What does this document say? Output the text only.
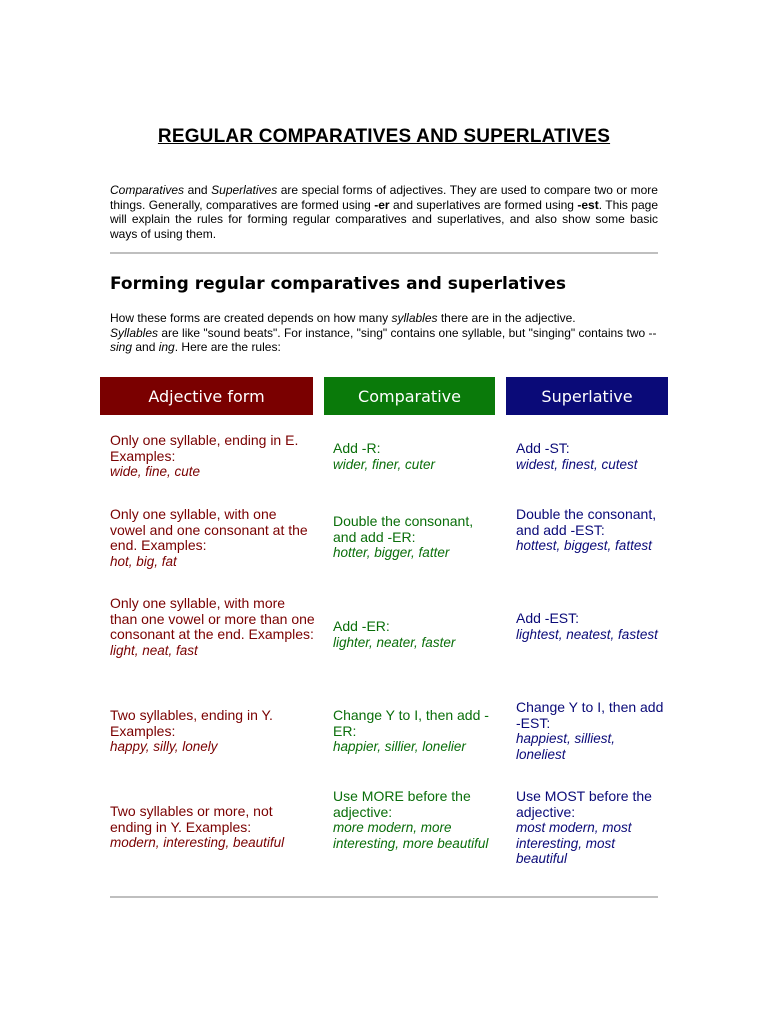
REGULAR COMPARATIVES AND SUPERLATIVES

Comparatives and Superlatives are special forms of adjectives. They are used to compare two or more things. Generally, comparatives are formed using -er and superlatives are formed using -est. This page will explain the rules for forming regular comparatives and superlatives, and also show some basic ways of using them.

Forming regular comparatives and superlatives

How these forms are created depends on how many syllables there are in the adjective.
Syllables are like "sound beats". For instance, "sing" contains one syllable, but "singing" contains two -- sing and ing. Here are the rules:

Adjective form	Comparative	Superlative
Only one syllable, ending in E. Examples:
wide, fine, cute
Add -R:
wider, finer, cuter
Add -ST:
widest, finest, cutest
Only one syllable, with one vowel and one consonant at the end. Examples:
hot, big, fat
Double the consonant, and add -ER:
hotter, bigger, fatter
Double the consonant, and add -EST:
hottest, biggest, fattest
Only one syllable, with more than one vowel or more than one consonant at the end. Examples:
light, neat, fast
Add -ER:
lighter, neater, faster
Add -EST:
lightest, neatest, fastest
Two syllables, ending in Y. Examples:
happy, silly, lonely
Change Y to I, then add -ER:
happier, sillier, lonelier
Change Y to I, then add -EST:
happiest, silliest, loneliest
Two syllables or more, not ending in Y. Examples:
modern, interesting, beautiful
Use MORE before the adjective:
more modern, more interesting, more beautiful
Use MOST before the adjective:
most modern, most interesting, most beautiful
